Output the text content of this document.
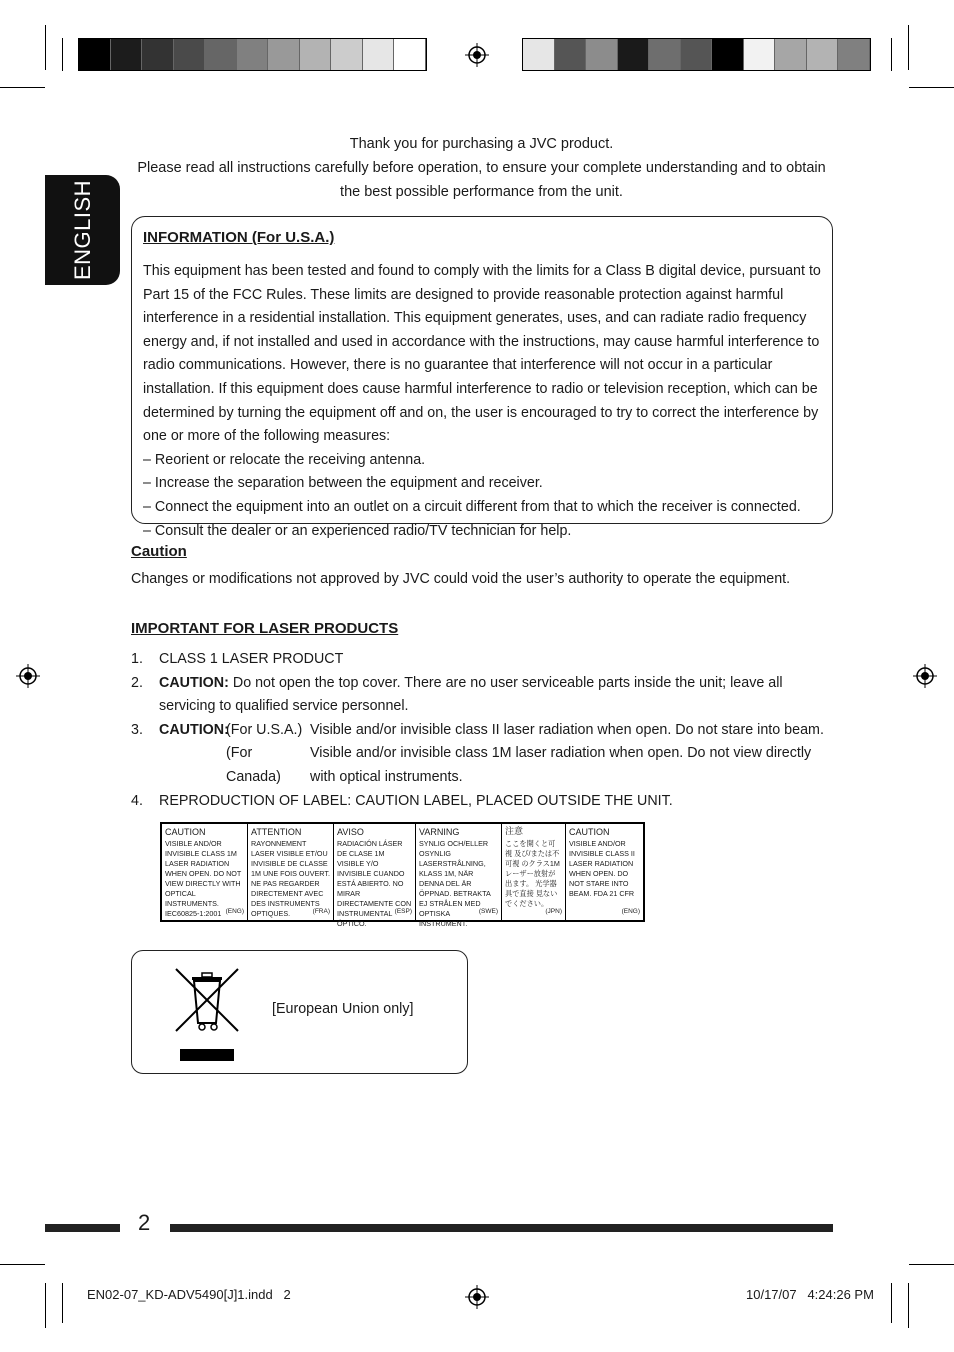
ENGLISH
Thank you for purchasing a JVC product.
Please read all instructions carefully before operation, to ensure your complete understanding and to obtain the best possible performance from the unit.
INFORMATION (For U.S.A.)
This equipment has been tested and found to comply with the limits for a Class B digital device, pursuant to Part 15 of the FCC Rules. These limits are designed to provide reasonable protection against harmful interference in a residential installation. This equipment generates, uses, and can radiate radio frequency energy and, if not installed and used in accordance with the instructions, may cause harmful interference to radio communications. However, there is no guarantee that interference will not occur in a particular installation. If this equipment does cause harmful interference to radio or television reception, which can be determined by turning the equipment off and on, the user is encouraged to try to correct the interference by one or more of the following measures:
– Reorient or relocate the receiving antenna.
– Increase the separation between the equipment and receiver.
– Connect the equipment into an outlet on a circuit different from that to which the receiver is connected.
– Consult the dealer or an experienced radio/TV technician for help.
Caution
Changes or modifications not approved by JVC could void the user’s authority to operate the equipment.
IMPORTANT FOR LASER PRODUCTS
1.	CLASS 1 LASER PRODUCT
2.	CAUTION: Do not open the top cover. There are no user serviceable parts inside the unit; leave all servicing to qualified service personnel.
3.	CAUTION:
(For U.S.A.) Visible and/or invisible class II laser radiation when open. Do not stare into beam.
(For Canada)
Visible and/or invisible class 1M laser radiation when open. Do not view directly with optical instruments.
4.	REPRODUCTION OF LABEL: CAUTION LABEL, PLACED OUTSIDE THE UNIT.
CAUTION
VISIBLE AND/OR INVISIBLE CLASS 1M LASER RADIATION WHEN OPEN. DO NOT VIEW DIRECTLY WITH OPTICAL INSTRUMENTS. IEC60825-1:2001 (ENG)
ATTENTION
RAYONNEMENT LASER VISIBLE ET/OU INVISIBLE DE CLASSE 1M UNE FOIS OUVERT. NE PAS REGARDER DIRECTEMENT AVEC DES INSTRUMENTS OPTIQUES.	(FRA)
AVISO
RADIACIÓN LÁSER DE CLASE 1M VISIBLE Y/O INVISIBLE CUANDO ESTÁ ABIERTO. NO MIRAR DIRECTAMENTE CON INSTRUMENTAL ÓPTICO.
(ESP)
VARNING
SYNLIG OCH/ELLER OSYNLIG LASERSTRÅLNING, KLASS 1M, NÄR DENNA DEL ÄR ÖPPNAD. BETRAKTA EJ STRÅLEN MED OPTISKA INSTRUMENT.
(SWE)
注意
ここを開くと可視 及び/または不可視 のクラス1M レーザー放射が 出ます。 光学器具で直接 見ないでください。
(JPN)
CAUTION
VISIBLE AND/OR INVISIBLE CLASS II LASER RADIATION WHEN OPEN. DO NOT STARE INTO BEAM. FDA 21 CFR
(ENG)
[European Union only]
2
EN02-07_KD-ADV5490[J]1.indd   2	10/17/07   4:24:26 PM
